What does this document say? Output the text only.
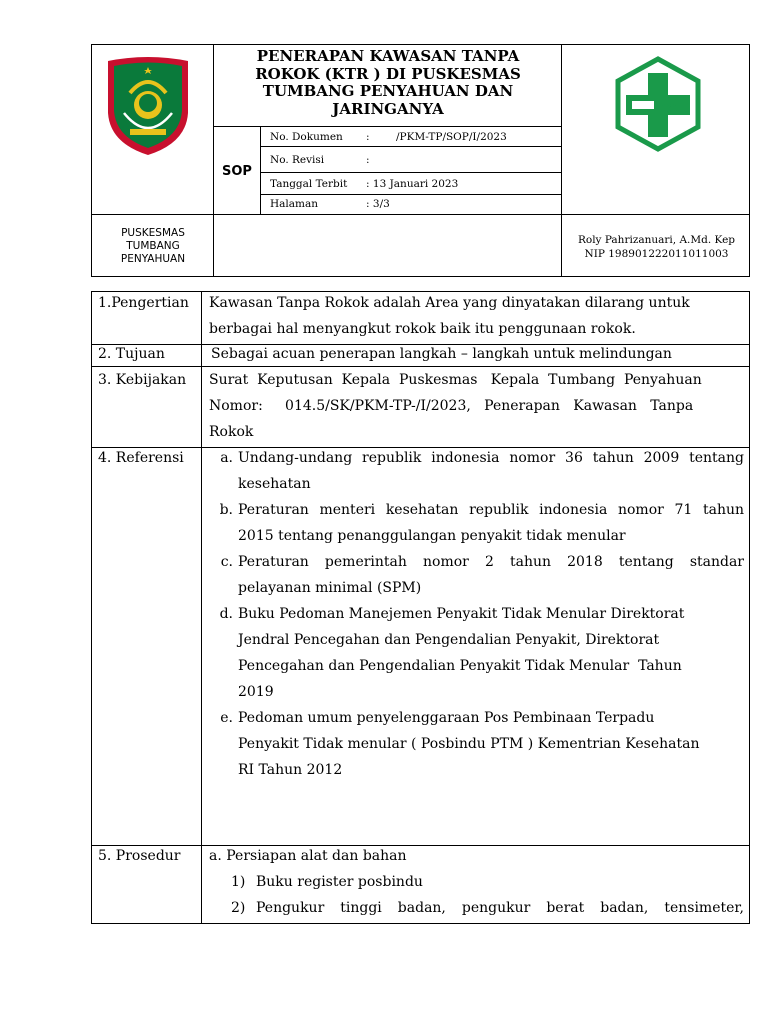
PENERAPAN KAWASAN TANPA
ROKOK (KTR ) DI PUSKESMAS
TUMBANG PENYAHUAN DAN
JARINGANYA
SOP
No. Dokumen :	/PKM-TP/SOP/I/2023
No. Revisi	:
Tanggal Terbit : 13 Januari 2023
Halaman	: 3/3
PUSKESMAS
TUMBANG
PENYAHUAN
Roly Pahrizanuari, A.Md. Kep
NIP 198901222011011003
1.Pengertian Kawasan Tanpa Rokok adalah Area yang dinyatakan dilarang untuk

berbagai hal menyangkut rokok baik itu penggunaan rokok.

2. Tujuan	Sebagai acuan penerapan langkah – langkah untuk melindungan
3. Kebijakan Surat  Keputusan  Kepala  Puskesmas   Kepala  Tumbang  Penyahuan

Nomor:     014.5/SK/PKM-TP-/I/2023,   Penerapan   Kawasan   Tanpa

Rokok

4. Referensi	a. Undang-undang republik indonesia nomor 36 tahun 2009 tentang
kesehatan
b. Peraturan menteri kesehatan republik indonesia nomor 71 tahun
2015 tentang penanggulangan penyakit tidak menular
c. Peraturan  pemerintah  nomor  2  tahun  2018  tentang  standar
pelayanan minimal (SPM)
d. Buku Pedoman Manejemen Penyakit Tidak Menular Direktorat
Jendral Pencegahan dan Pengendalian Penyakit, Direktorat
Pencegahan dan Pengendalian Penyakit Tidak Menular  Tahun
2019
e. Pedoman umum penyelenggaraan Pos Pembinaan Terpadu
Penyakit Tidak menular ( Posbindu PTM ) Kementrian Kesehatan
RI Tahun 2012
5. Prosedur a. Persiapan alat dan bahan
1) Buku register posbindu
2) Pengukur  tinggi  badan,  pengukur  berat  badan,  tensimeter,
